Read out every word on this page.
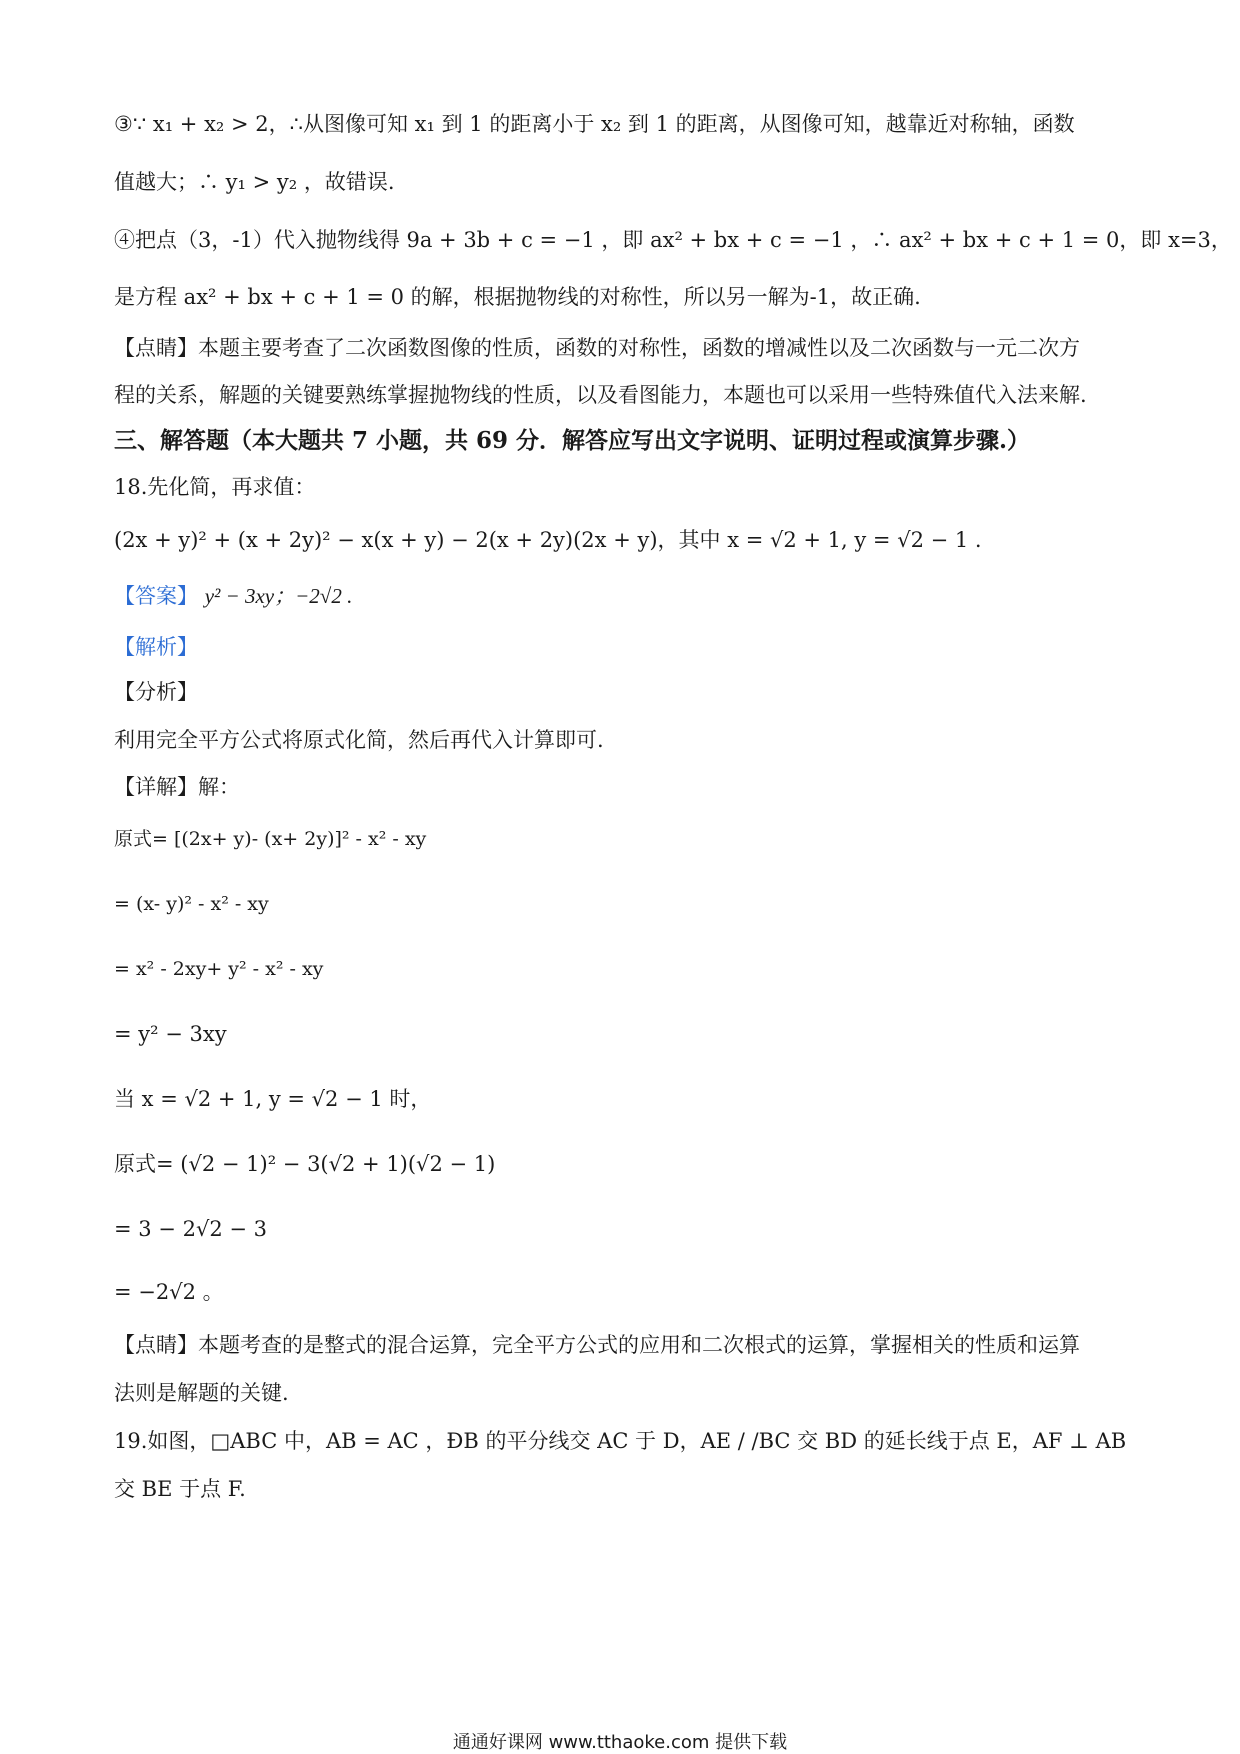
③∵ x₁ + x₂ > 2，∴从图像可知 x₁ 到 1 的距离小于 x₂ 到 1 的距离，从图像可知，越靠近对称轴，函数
值越大；∴ y₁ > y₂ ，故错误.
④把点（3，-1）代入抛物线得 9a + 3b + c = −1 ，即 ax² + bx + c = −1 ，∴ ax² + bx + c + 1 = 0，即 x=3，
是方程 ax² + bx + c + 1 = 0 的解，根据抛物线的对称性，所以另一解为-1，故正确.
【点睛】本题主要考查了二次函数图像的性质，函数的对称性，函数的增减性以及二次函数与一元二次方
程的关系，解题的关键要熟练掌握抛物线的性质，以及看图能力，本题也可以采用一些特殊值代入法来解.
三、解答题（本大题共 7 小题，共 69 分．解答应写出文字说明、证明过程或演算步骤.）
18.先化简，再求值：
(2x + y)² + (x + 2y)² − x(x + y) − 2(x + 2y)(2x + y)，其中 x = √2 + 1, y = √2 − 1 .
【答案】 y² − 3xy；−2√2 .
【解析】
【分析】
利用完全平方公式将原式化简，然后再代入计算即可.
【详解】解：
原式= [(2x+ y)- (x+ 2y)]² - x² - xy
= (x- y)² - x² - xy
= x² - 2xy+ y² - x² - xy
= y² − 3xy
当 x = √2 + 1, y = √2 − 1 时，
原式= (√2 − 1)² − 3(√2 + 1)(√2 − 1)
= 3 − 2√2 − 3
= −2√2 。
【点睛】本题考查的是整式的混合运算，完全平方公式的应用和二次根式的运算，掌握相关的性质和运算
法则是解题的关键.
19.如图，□ABC 中，AB = AC ，ÐB 的平分线交 AC 于 D，AE / /BC 交 BD 的延长线于点 E，AF ⊥ AB
交 BE 于点 F.
通通好课网 www.tthaoke.com 提供下载
